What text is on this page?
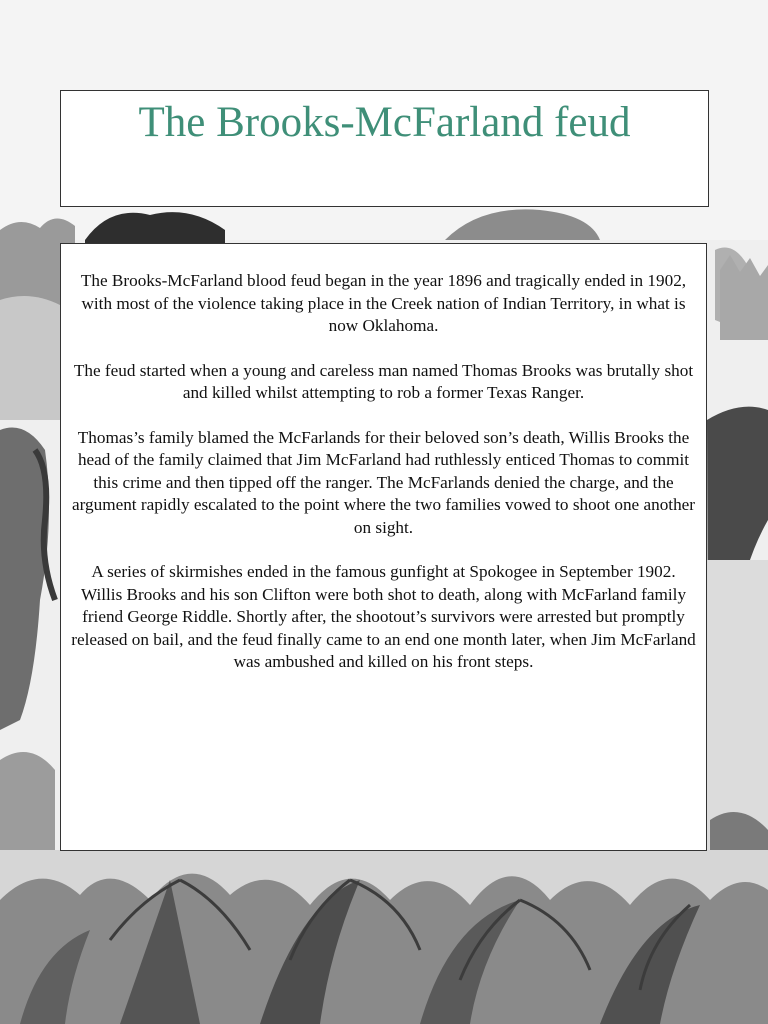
The Brooks-McFarland feud

The Brooks-McFarland blood feud began in the year 1896 and tragically ended in 1902, with most of the violence taking place in the Creek nation of Indian Territory, in what is now Oklahoma.

The feud started when a young and careless man named Thomas Brooks was brutally shot and killed whilst attempting to rob a former Texas Ranger.

Thomas’s family blamed the McFarlands for their beloved son’s death, Willis Brooks the head of the family claimed that Jim McFarland had ruthlessly enticed Thomas to commit this crime and then tipped off the ranger. The McFarlands denied the charge, and the argument rapidly escalated to the point where the two families vowed to shoot one another on sight.

A series of skirmishes ended in the famous gunfight at Spokogee in September 1902. Willis Brooks and his son Clifton were both shot to death, along with McFarland family friend George Riddle. Shortly after, the shootout’s survivors were arrested but promptly released on bail, and the feud finally came to an end one month later, when Jim McFarland was ambushed and killed on his front steps.
